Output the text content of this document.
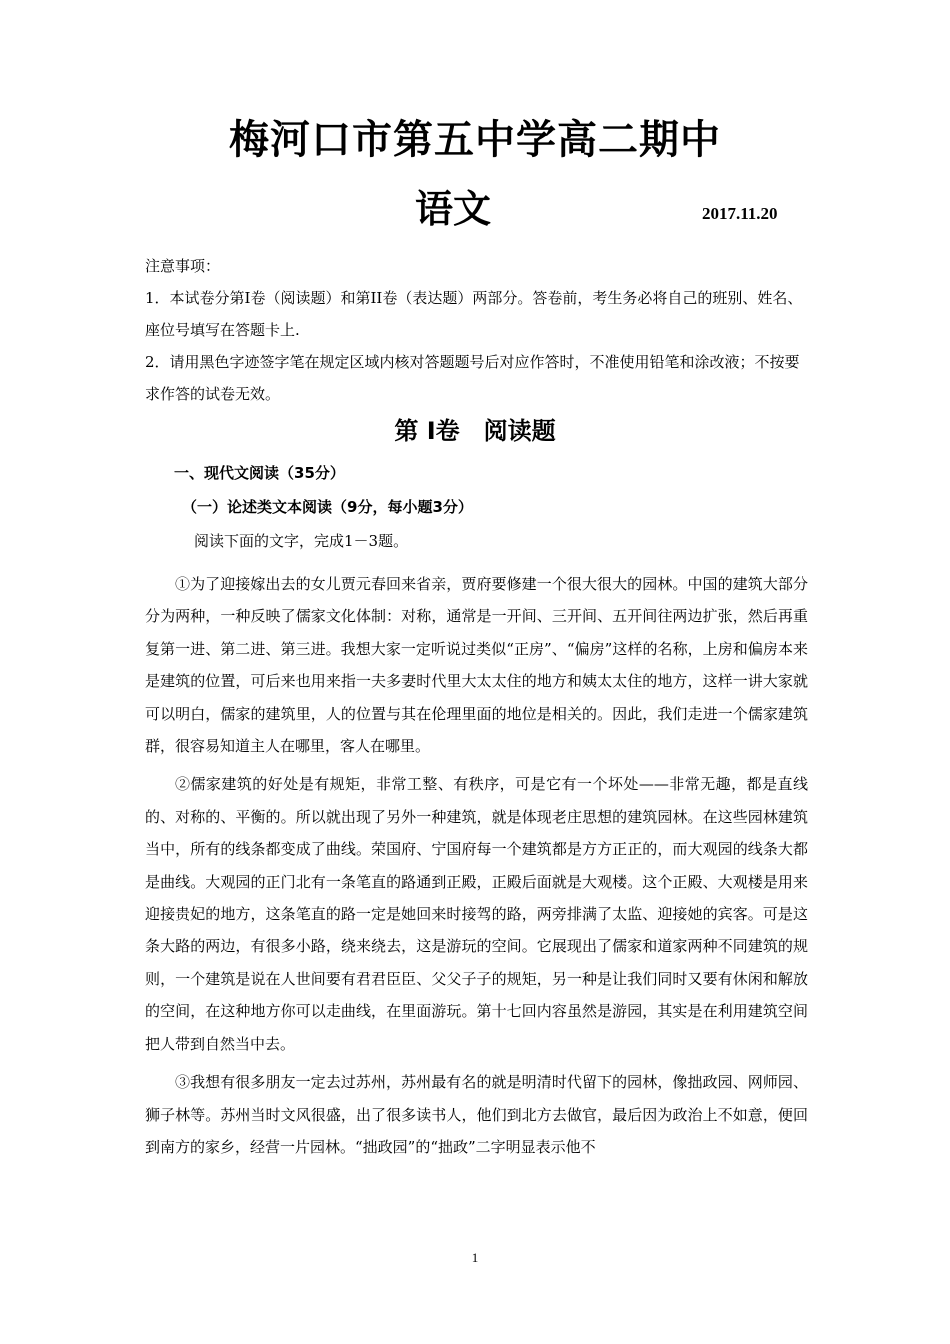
梅河口市第五中学高二期中
语文	2017.11.20

注意事项：

1．本试卷分第Ⅰ卷（阅读题）和第II卷（表达题）两部分。答卷前，考生务必将自己的班别、姓名、座位号填写在答题卡上.

2．请用黑色字迹签字笔在规定区域内核对答题题号后对应作答时，不准使用铅笔和涂改液；不按要求作答的试卷无效。

第 Ⅰ卷　阅读题
一、现代文阅读（35分）
（一）论述类文本阅读（9分，每小题3分）
阅读下面的文字，完成1－3题。

①为了迎接嫁出去的女儿贾元春回来省亲，贾府要修建一个很大很大的园林。中国的建筑大部分分为两种，一种反映了儒家文化体制：对称，通常是一开间、三开间、五开间往两边扩张，然后再重复第一进、第二进、第三进。我想大家一定听说过类似“正房”、“偏房”这样的名称，上房和偏房本来是建筑的位置，可后来也用来指一夫多妻时代里大太太住的地方和姨太太住的地方，这样一讲大家就可以明白，儒家的建筑里，人的位置与其在伦理里面的地位是相关的。因此，我们走进一个儒家建筑群，很容易知道主人在哪里，客人在哪里。

②儒家建筑的好处是有规矩，非常工整、有秩序，可是它有一个坏处——非常无趣，都是直线的、对称的、平衡的。所以就出现了另外一种建筑，就是体现老庄思想的建筑园林。在这些园林建筑当中，所有的线条都变成了曲线。荣国府、宁国府每一个建筑都是方方正正的，而大观园的线条大都是曲线。大观园的正门北有一条笔直的路通到正殿，正殿后面就是大观楼。这个正殿、大观楼是用来迎接贵妃的地方，这条笔直的路一定是她回来时接驾的路，两旁排满了太监、迎接她的宾客。可是这条大路的两边，有很多小路，绕来绕去，这是游玩的空间。它展现出了儒家和道家两种不同建筑的规则，一个建筑是说在人世间要有君君臣臣、父父子子的规矩，另一种是让我们同时又要有休闲和解放的空间，在这种地方你可以走曲线，在里面游玩。第十七回内容虽然是游园，其实是在利用建筑空间把人带到自然当中去。

③我想有很多朋友一定去过苏州，苏州最有名的就是明清时代留下的园林，像拙政园、网师园、狮子林等。苏州当时文风很盛，出了很多读书人，他们到北方去做官，最后因为政治上不如意，便回到南方的家乡，经营一片园林。“拙政园”的“拙政”二字明显表示他不

1
